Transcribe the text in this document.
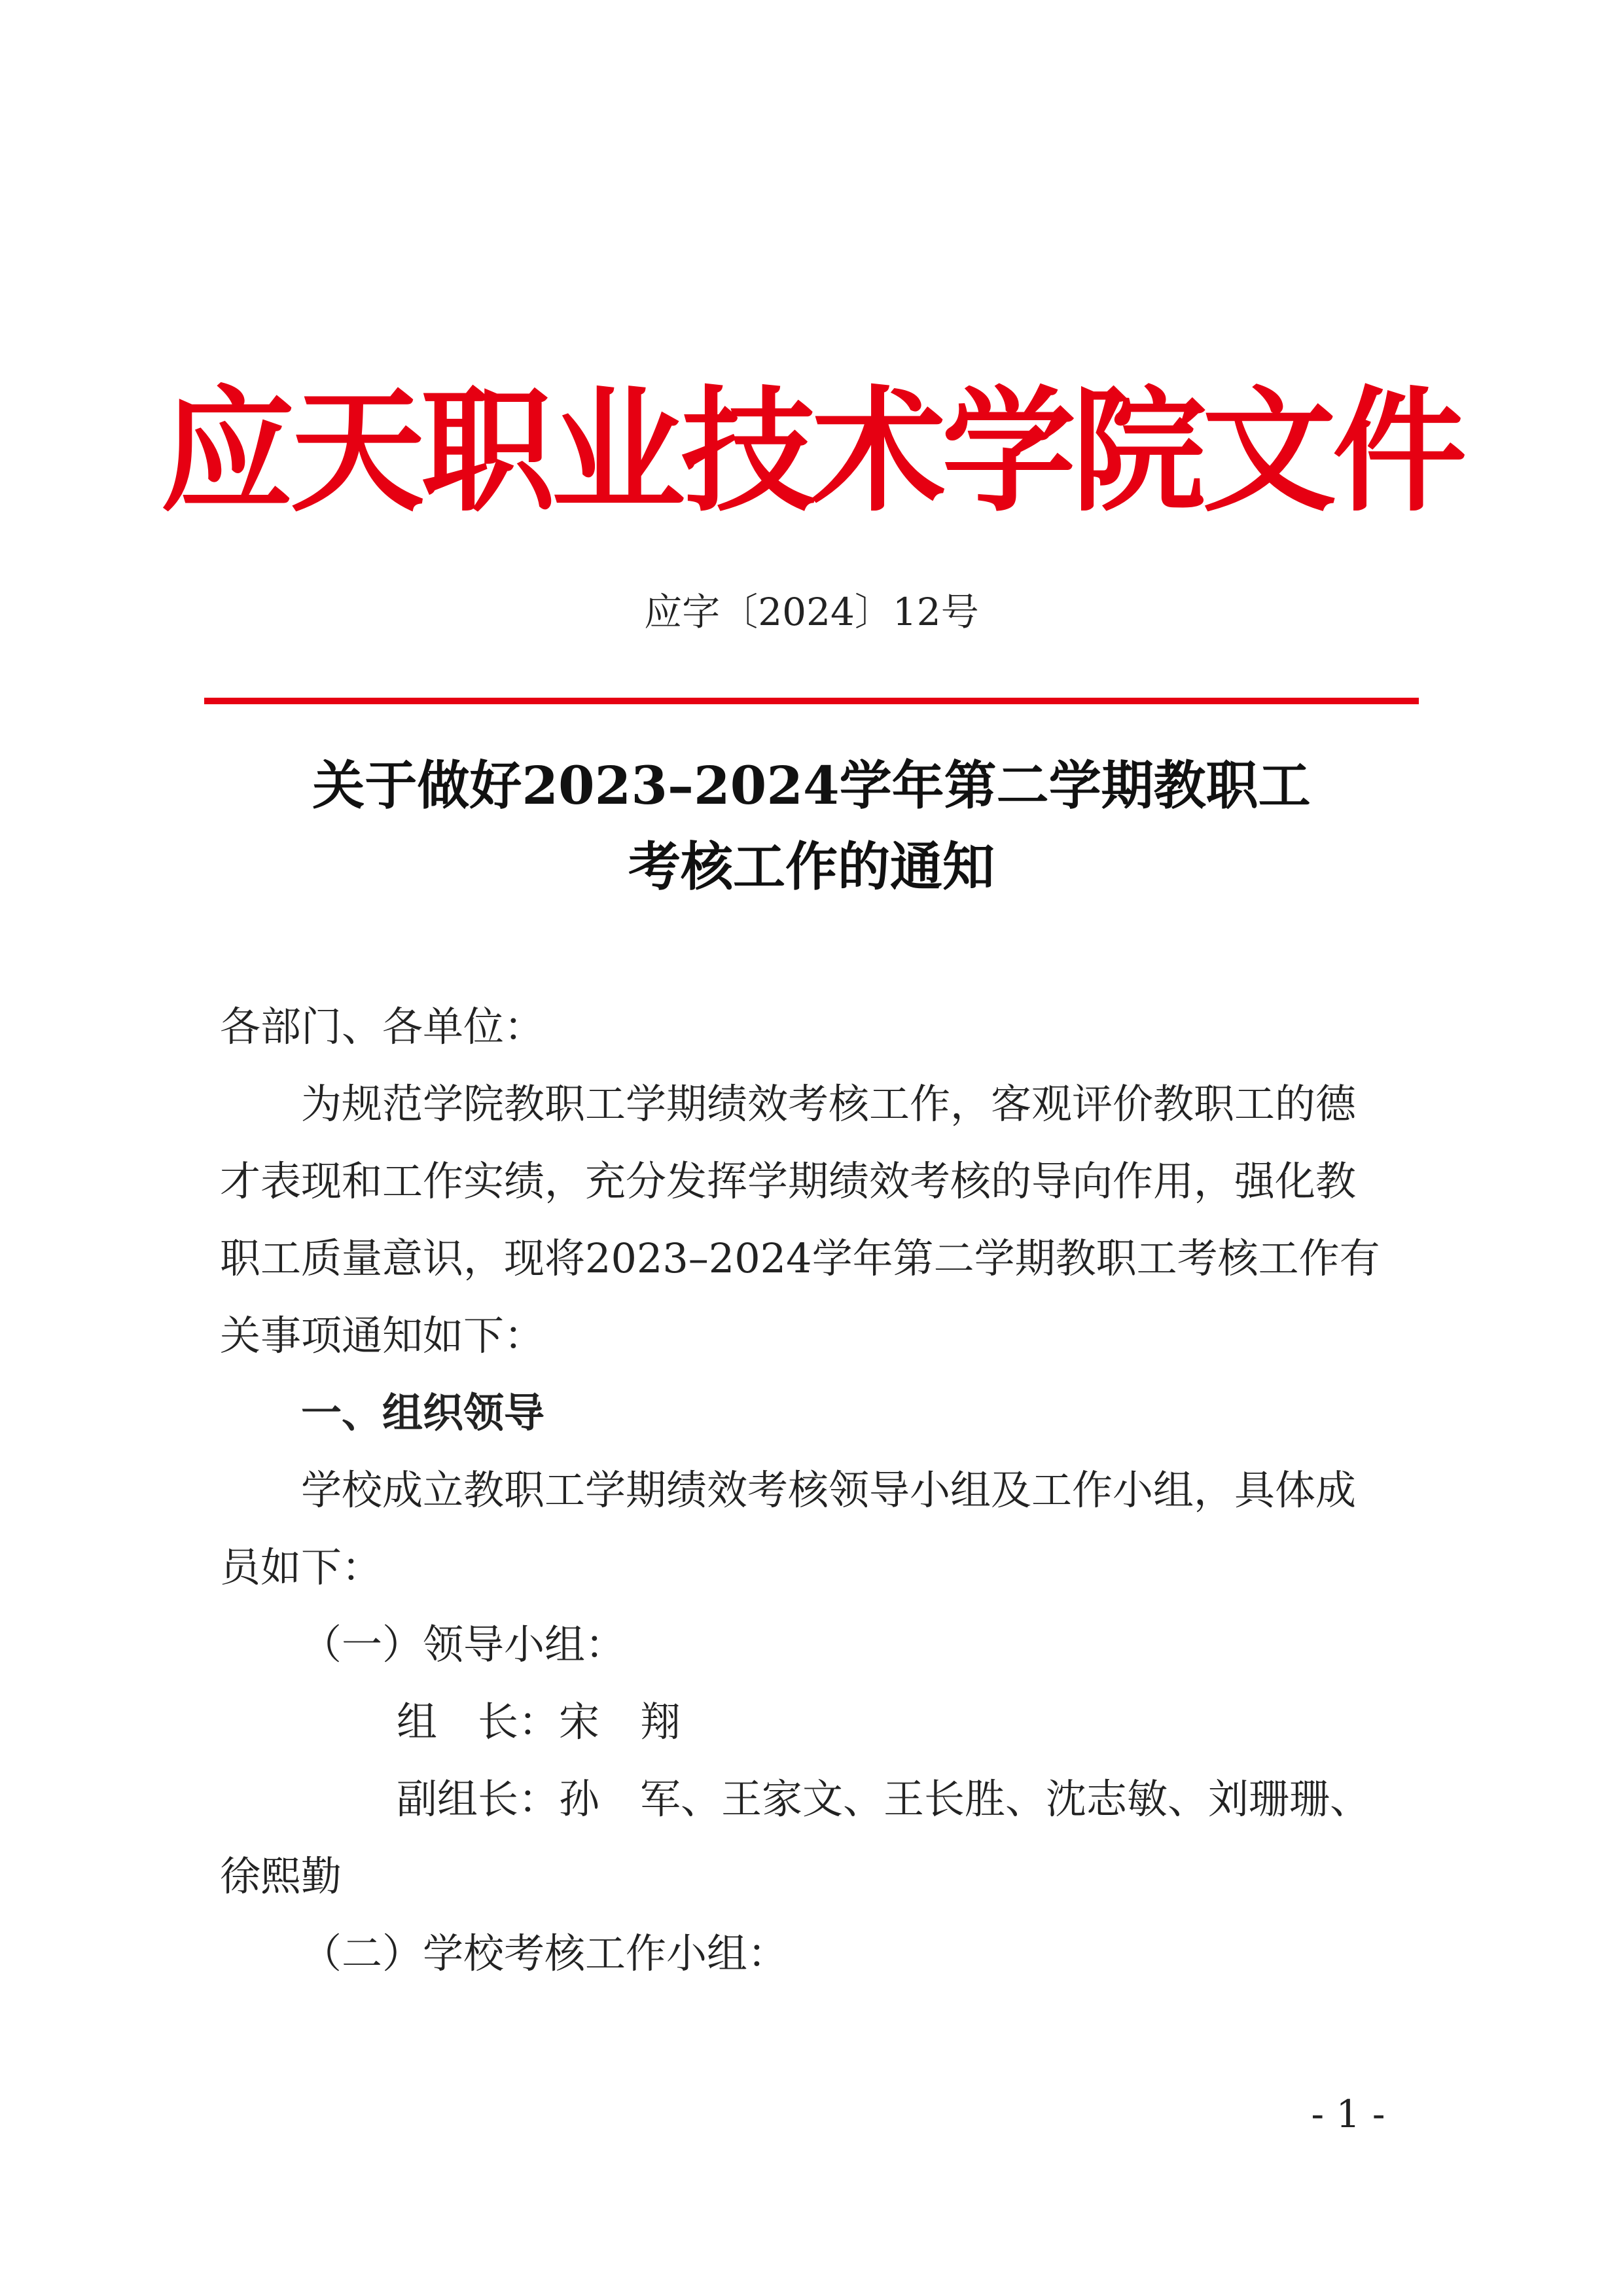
应天职业技术学院文件
应字〔2024〕12号
关于做好2023–2024学年第二学期教职工
考核工作的通知
各部门、各单位：
为规范学院教职工学期绩效考核工作，客观评价教职工的德
才表现和工作实绩，充分发挥学期绩效考核的导向作用，强化教
职工质量意识，现将2023–2024学年第二学期教职工考核工作有
关事项通知如下：
一、组织领导
学校成立教职工学期绩效考核领导小组及工作小组，具体成
员如下：
（一）领导小组：
组　长：宋　翔
副组长：孙　军、王家文、王长胜、沈志敏、刘珊珊、
徐熙勤
（二）学校考核工作小组：
- 1 -
